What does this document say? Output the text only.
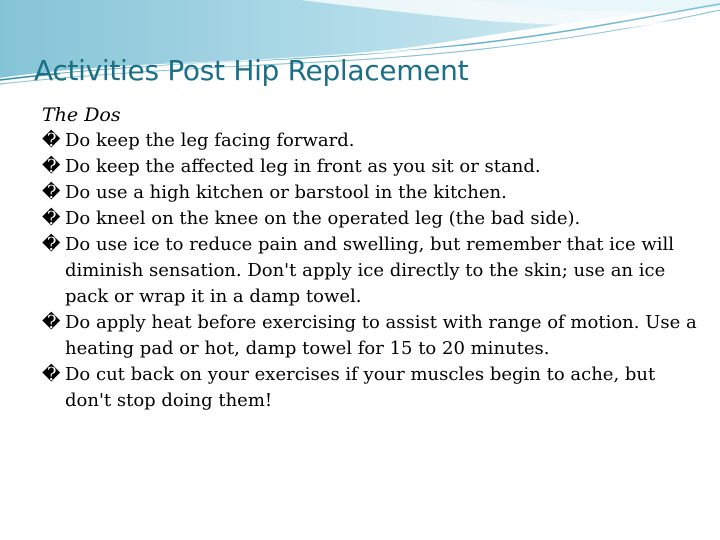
Activities Post Hip Replacement
The Dos
� Do keep the leg facing forward.
� Do keep the affected leg in front as you sit or stand.
� Do use a high kitchen or barstool in the kitchen.
� Do kneel on the knee on the operated leg (the bad side).
� Do use ice to reduce pain and swelling, but remember that ice will diminish sensation. Don't apply ice directly to the skin; use an ice pack or wrap it in a damp towel.
� Do apply heat before exercising to assist with range of motion. Use a heating pad or hot, damp towel for 15 to 20 minutes.
� Do cut back on your exercises if your muscles begin to ache, but don't stop doing them!
